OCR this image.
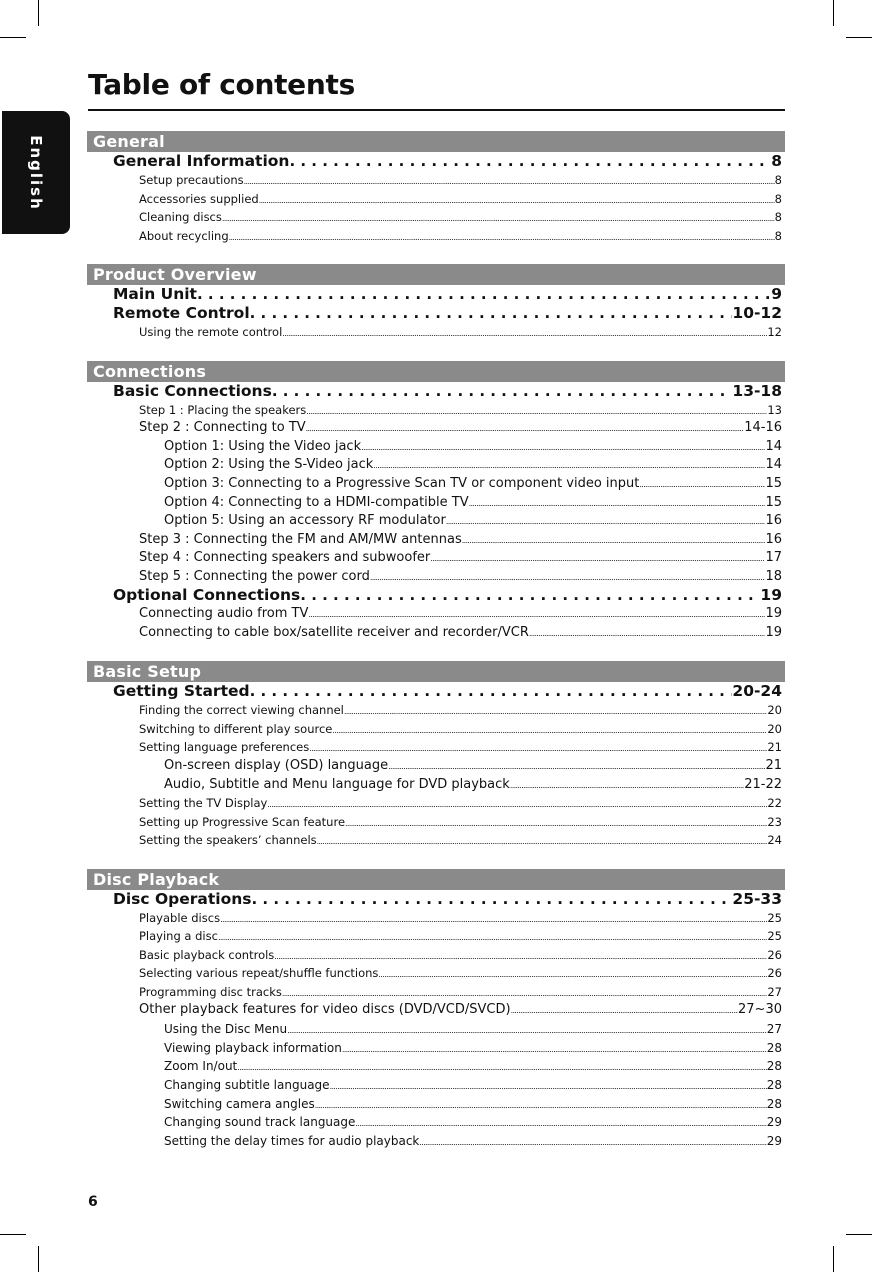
English
Table of contents
General
General Information . . .	8
Setup precautions . . .	8
Accessories supplied . . .	8
Cleaning discs . . .	8
About recycling . . .	8
Product Overview
Main Unit . . .	9
Remote Control . . .	10-12
Using the remote control . . .	12
Connections
Basic Connections . . .	13-18
Step 1 : Placing the speakers . . .	13
Step 2 : Connecting to TV . . .	14-16
Option 1: Using the Video jack . . .	14
Option 2: Using the S-Video jack . . .	14
Option 3: Connecting to a Progressive Scan TV or component video input . . .	15
Option 4: Connecting to a HDMI-compatible TV . . .	15
Option 5: Using an accessory RF modulator . . .	16
Step 3 : Connecting the FM and AM/MW antennas . . .	16
Step 4 : Connecting speakers and subwoofer . . .	17
Step 5 : Connecting the power cord . . .	18
Optional Connections . . .	19
Connecting audio from TV . . .	19
Connecting to cable box/satellite receiver and recorder/VCR . . .	19
Basic Setup
Getting Started . . .	20-24
Finding the correct viewing channel . . .	20
Switching to different play source . . .	20
Setting language preferences . . .	21
On-screen display (OSD) language . . .	21
Audio, Subtitle and Menu language for DVD playback . . .	21-22
Setting the TV Display . . .	22
Setting up Progressive Scan feature . . .	23
Setting the speakers’ channels . . .	24
Disc Playback
Disc Operations . . .	25-33
Playable discs . . .	25
Playing a disc . . .	25
Basic playback controls . . .	26
Selecting various repeat/shuffle functions . . .	26
Programming disc tracks . . .	27
Other playback features for video discs (DVD/VCD/SVCD) . . .	27~30
Using the Disc Menu . . .	27
Viewing playback information . . .	28
Zoom In/out . . .	28
Changing subtitle language . . .	28
Switching camera angles . . .	28
Changing sound track language . . .	29
Setting the delay times for audio playback . . .	29
6
